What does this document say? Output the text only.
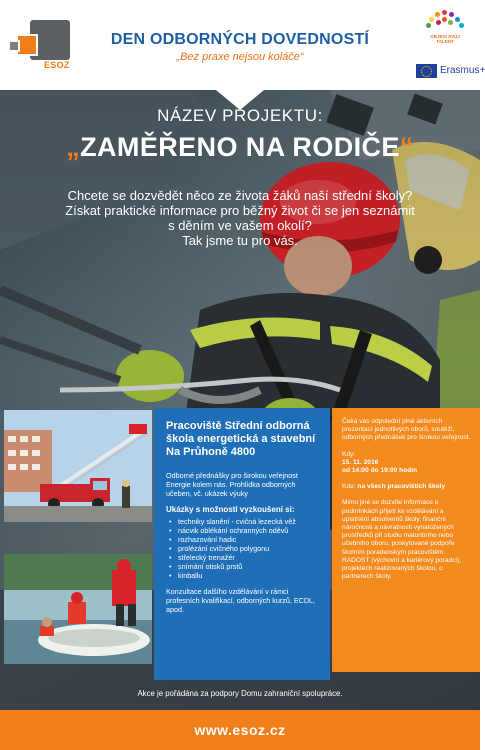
ESOZ
DEN ODBORNÝCH DOVEDNOSTÍ
„Bez praxe nejsou koláče“
OBJEVÍ SVŮJ TALENT
Erasmus+
NÁZEV PROJEKTU:
„ZAMĚŘENO NA RODIČE“
Chcete se dozvědět něco ze života žáků naší střední školy?
Získat praktické informace pro běžný život či se jen seznámit
s děním ve vašem okolí?
Tak jsme tu pro vás.
Pracoviště Střední odborná škola energetická a stavební Na Průhoně 4800
Odborné přednášky pro širokou veřejnost Energie kolem nás. Prohlídka odborných učeben, vč. ukázek výuky
Ukázky s možností vyzkoušení si:
• techniky slanění - cvičná lezecká věž
• nácvik oblékání ochranných oděvů
• rozhazování hadic
• prolézání cvičného polygonu
• střelecký trenažér
• snímání otisků prstů
• kinballu
Konzultace dalšího vzdělávání v rámci profesních kvalifikací, odborných kurzů, ECDL, apod.
Čeká vás odpolední plné aktivních prezentací jednotlivých oborů, soutěží, odborných přednášek pro širokou veřejnost.
Kdy:
15. 11. 2016
od 14:00 do 19:00 hodin
Kde: na všech pracovištích školy
Mimo jiné se dozvíte informace o podmínkách přijetí ke vzdělávání a uplatnění absolventů školy, finanční náročnosti a návratnosti vynaložených prostředků při studiu maturitního nebo učebního oboru, poskytované podpoře školním poradenským pracovištěm RADOST (výchovní a kariérový poradci), projektech realizovaných školou, o partnerech školy.
Akce je pořádána za podpory Domu zahraniční spolupráce.
www.esoz.cz
